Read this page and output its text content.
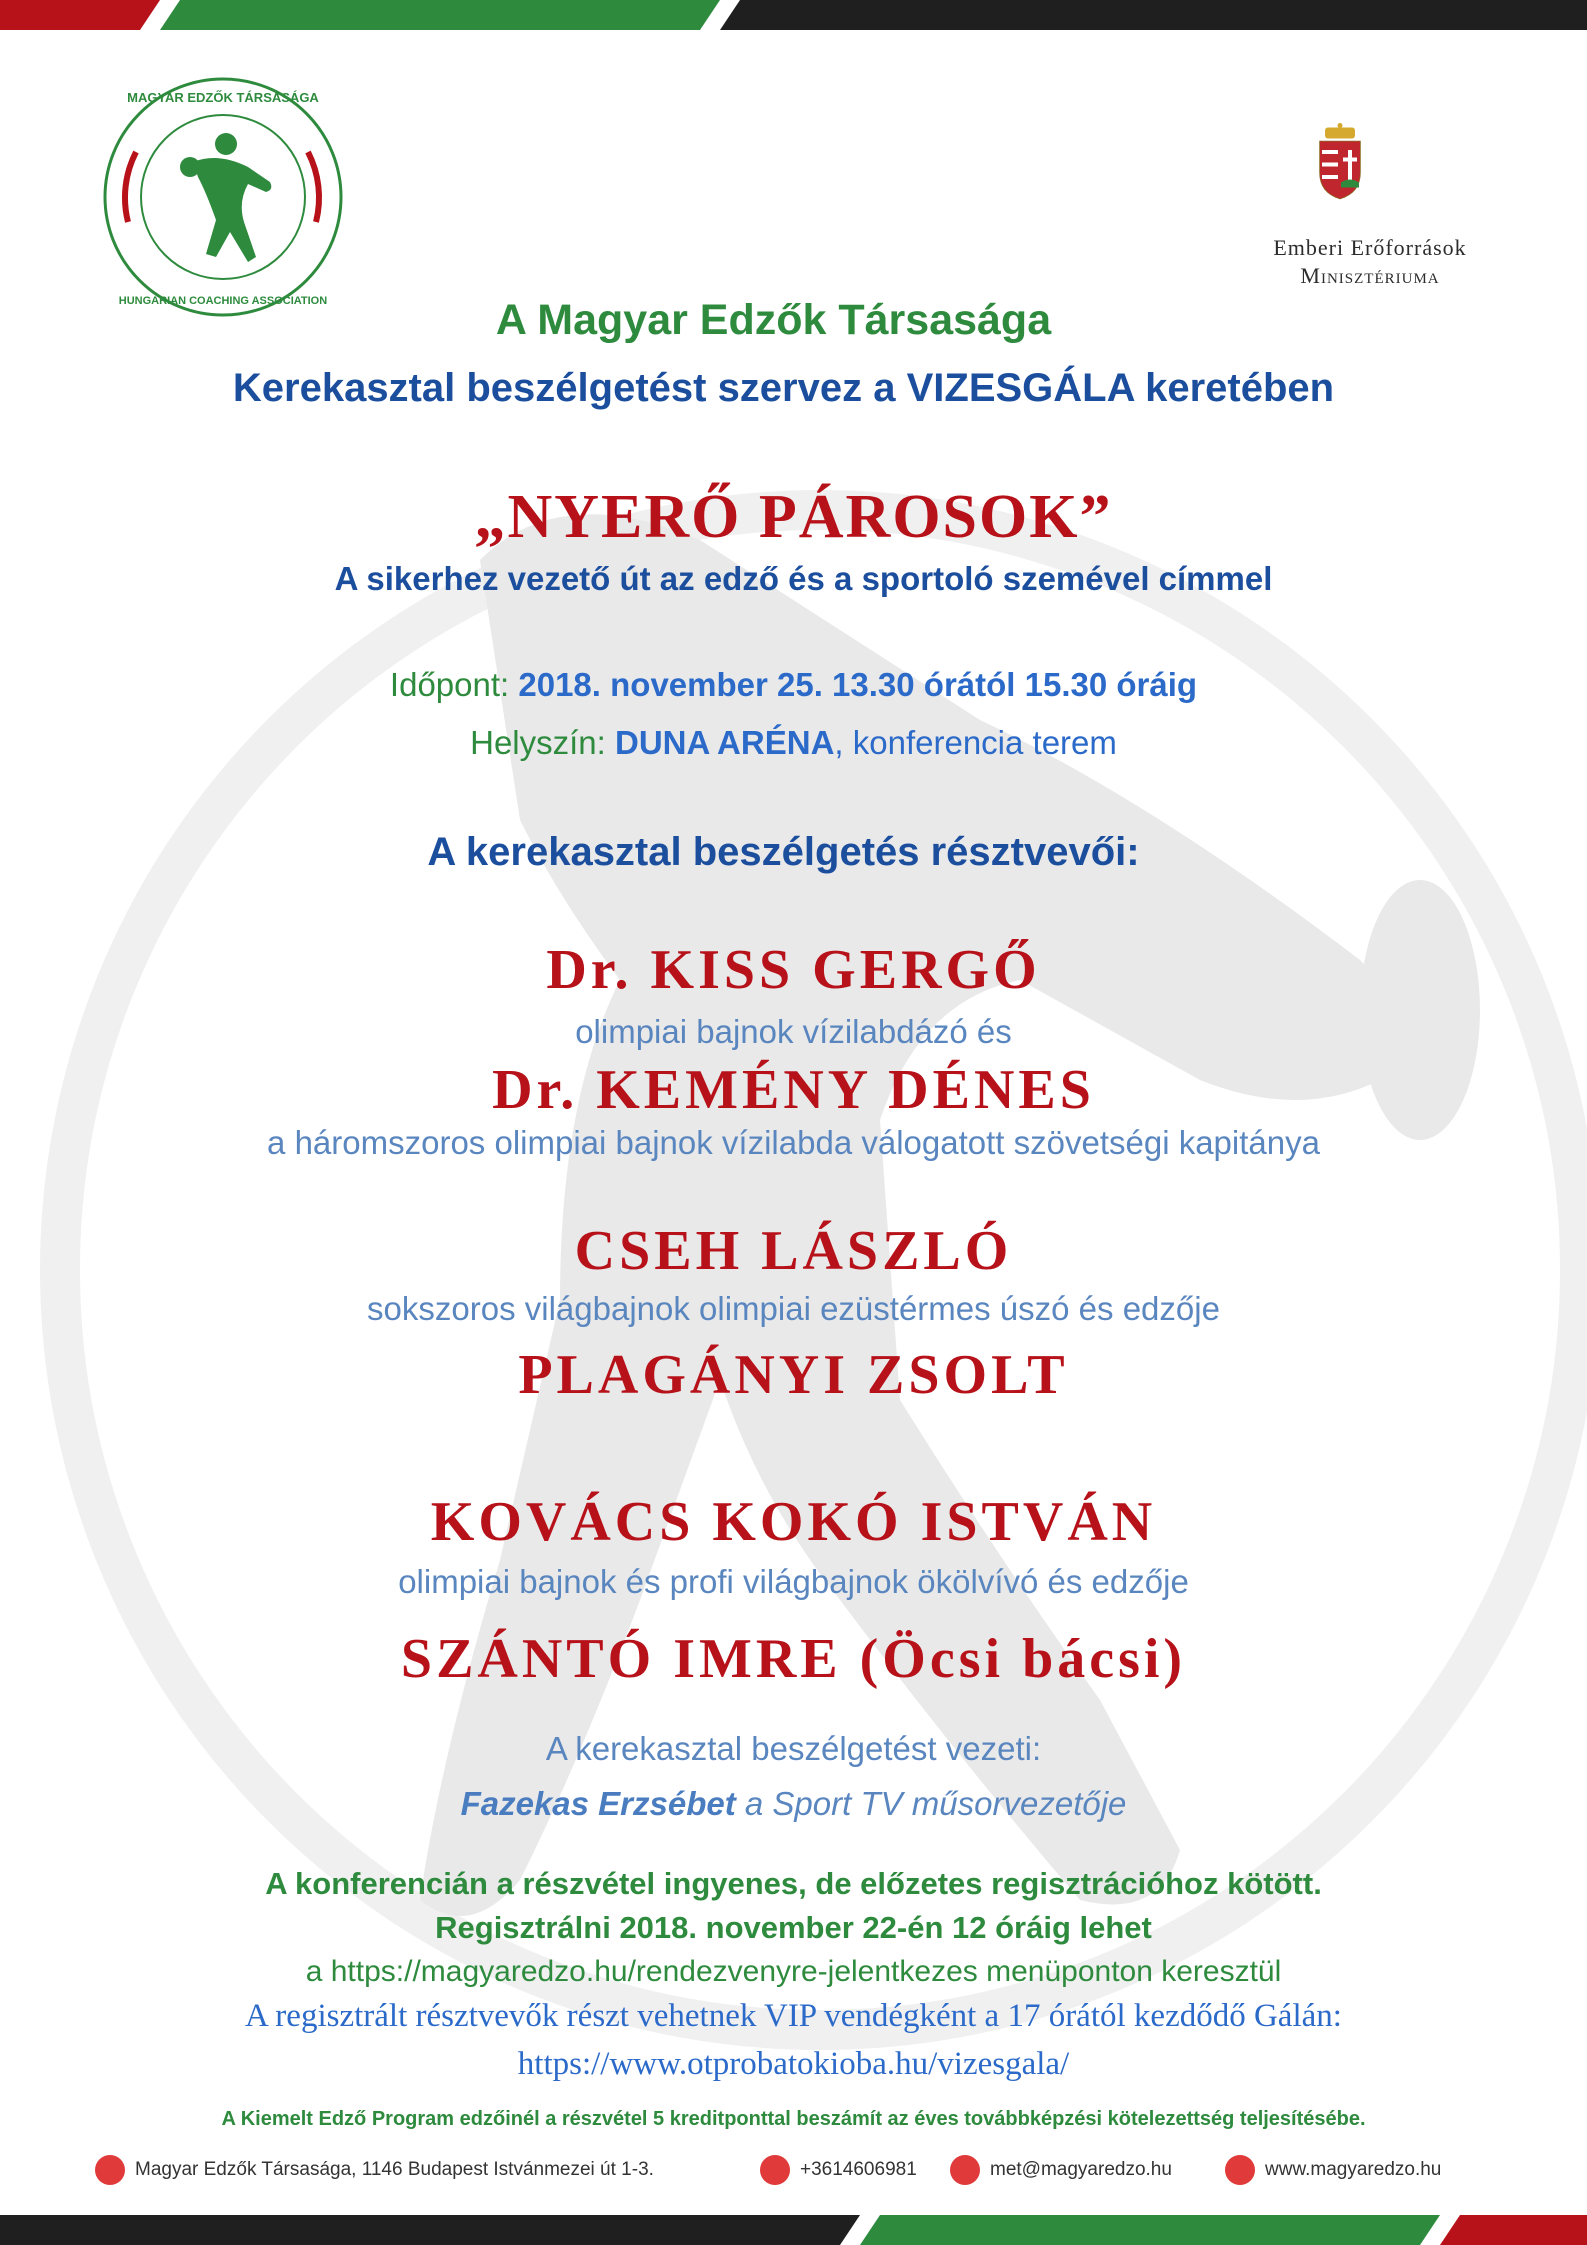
MAGYAR EDZŐK TÁRSASÁGA
HUNGARIAN COACHING ASSOCIATION
Emberi Erőforrások
Minisztériuma
A Magyar Edzők Társasága
Kerekasztal beszélgetést szervez a VIZESGÁLA keretében
„NYERŐ PÁROSOK”
A sikerhez vezető út az edző és a sportoló szemével címmel
Időpont: 2018. november 25. 13.30 órától 15.30 óráig
Helyszín: DUNA ARÉNA, konferencia terem
A kerekasztal beszélgetés résztvevői:
Dr. KISS GERGŐ
olimpiai bajnok vízilabdázó és
Dr. KEMÉNY DÉNES
a háromszoros olimpiai bajnok vízilabda válogatott szövetségi kapitánya
CSEH LÁSZLÓ
sokszoros világbajnok olimpiai ezüstérmes úszó és edzője
PLAGÁNYI ZSOLT
KOVÁCS KOKÓ ISTVÁN
olimpiai bajnok és profi világbajnok ökölvívó és edzője
SZÁNTÓ IMRE (Öcsi bácsi)
A kerekasztal beszélgetést vezeti:
Fazekas Erzsébet a Sport TV műsorvezetője
A konferencián a részvétel ingyenes, de előzetes regisztrációhoz kötött.
Regisztrálni 2018. november 22-én 12 óráig lehet
a https://magyaredzo.hu/rendezvenyre-jelentkezes menüponton keresztül
A regisztrált résztvevők részt vehetnek VIP vendégként a 17 órától kezdődő Gálán:
https://www.otprobatokioba.hu/vizesgala/
A Kiemelt Edző Program edzőinél a részvétel 5 kreditponttal beszámít az éves továbbképzési kötelezettség teljesítésébe.
Magyar Edzők Társasága, 1146 Budapest Istvánmezei út 1-3.	+3614606981	met@magyaredzo.hu	www.magyaredzo.hu
